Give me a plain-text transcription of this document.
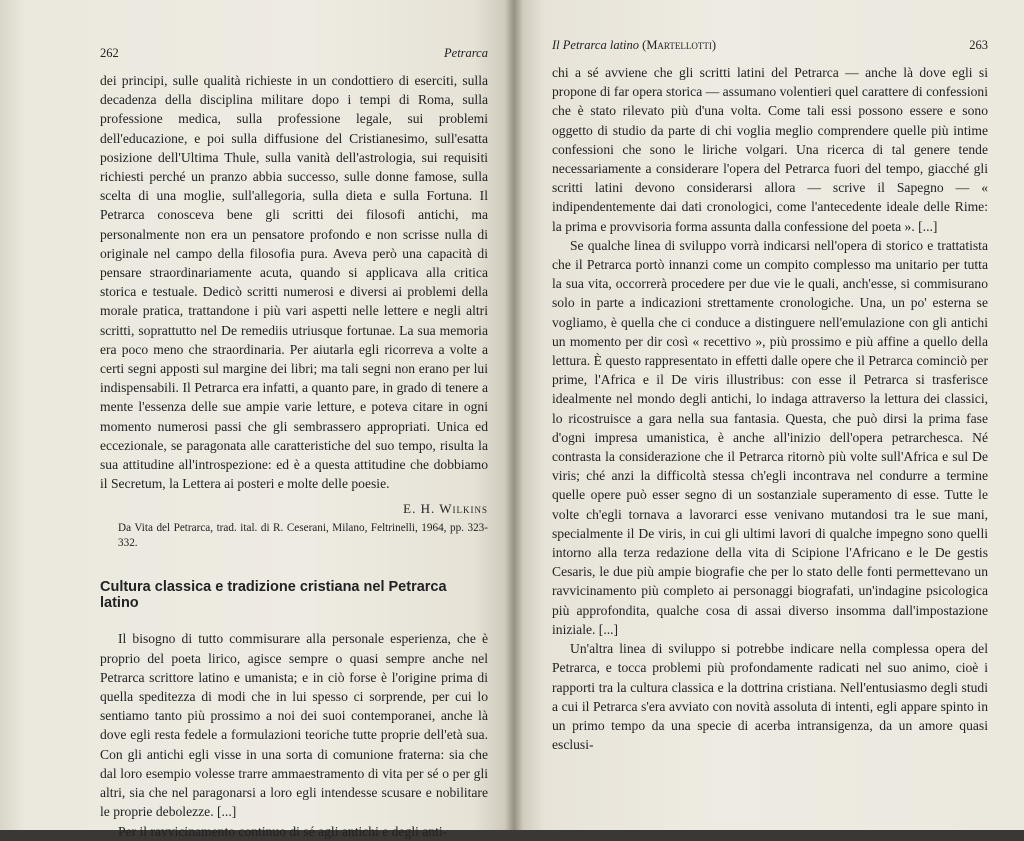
262	Petrarca

dei principi, sulle qualità richieste in un condottiero di eserciti, sulla decadenza della disciplina militare dopo i tempi di Roma, sulla professione medica, sulla professione legale, sui problemi dell'educazione, e poi sulla diffusione del Cristianesimo, sull'esatta posizione dell'Ultima Thule, sulla vanità dell'astrologia, sui requisiti richiesti perché un pranzo abbia successo, sulle donne famose, sulla scelta di una moglie, sull'allegoria, sulla dieta e sulla Fortuna. Il Petrarca conosceva bene gli scritti dei filosofi antichi, ma personalmente non era un pensatore profondo e non scrisse nulla di originale nel campo della filosofia pura. Aveva però una capacità di pensare straordinariamente acuta, quando si applicava alla critica storica e testuale. Dedicò scritti numerosi e diversi ai problemi della morale pratica, trattandone i più vari aspetti nelle lettere e negli altri scritti, soprattutto nel De remediis utriusque fortunae. La sua memoria era poco meno che straordinaria. Per aiutarla egli ricorreva a volte a certi segni apposti sul margine dei libri; ma tali segni non erano per lui indispensabili. Il Petrarca era infatti, a quanto pare, in grado di tenere a mente l'essenza delle sue ampie varie letture, e poteva citare in ogni momento numerosi passi che gli sembrassero appropriati. Unica ed eccezionale, se paragonata alle caratteristiche del suo tempo, risulta la sua attitudine all'introspezione: ed è a questa attitudine che dobbiamo il Secretum, la Lettera ai posteri e molte delle poesie.

E. H. Wilkins
Da Vita del Petrarca, trad. ital. di R. Ceserani, Milano, Feltrinelli, 1964, pp. 323-332.
Cultura classica e tradizione cristiana nel Petrarca latino

Il bisogno di tutto commisurare alla personale esperienza, che è proprio del poeta lirico, agisce sempre o quasi sempre anche nel Petrarca scrittore latino e umanista; e in ciò forse è l'origine prima di quella speditezza di modi che in lui spesso ci sorprende, per cui lo sentiamo tanto più prossimo a noi dei suoi contemporanei, anche là dove egli resta fedele a formulazioni teoriche tutte proprie dell'età sua. Con gli antichi egli visse in una sorta di comunione fraterna: sia che dal loro esempio volesse trarre ammaestramento di vita per sé o per gli altri, sia che nel paragonarsi a loro egli intendesse scusare e nobilitare le proprie debolezze. [...]

Per il ravvicinamento continuo di sé agli antichi e degli anti-

Il Petrarca latino (Martellotti)	263

chi a sé avviene che gli scritti latini del Petrarca — anche là dove egli si propone di far opera storica — assumano volentieri quel carattere di confessioni che è stato rilevato più d'una volta. Come tali essi possono essere e sono oggetto di studio da parte di chi voglia meglio comprendere quelle più intime confessioni che sono le liriche volgari. Una ricerca di tal genere tende necessariamente a considerare l'opera del Petrarca fuori del tempo, giacché gli scritti latini devono considerarsi allora — scrive il Sapegno — « indipendentemente dai dati cronologici, come l'antecedente ideale delle Rime: la prima e provvisoria forma assunta dalla confessione del poeta ». [...]

Se qualche linea di sviluppo vorrà indicarsi nell'opera di storico e trattatista che il Petrarca portò innanzi come un compito complesso ma unitario per tutta la sua vita, occorrerà procedere per due vie le quali, anch'esse, si commisurano solo in parte a indicazioni strettamente cronologiche. Una, un po' esterna se vogliamo, è quella che ci conduce a distinguere nell'emulazione con gli antichi un momento per dir così « recettivo », più prossimo e più affine a quello della lettura. È questo rappresentato in effetti dalle opere che il Petrarca cominciò per prime, l'Africa e il De viris illustribus: con esse il Petrarca si trasferisce idealmente nel mondo degli antichi, lo indaga attraverso la lettura dei classici, lo ricostruisce a gara nella sua fantasia. Questa, che può dirsi la prima fase d'ogni impresa umanistica, è anche all'inizio dell'opera petrarchesca. Né contrasta la considerazione che il Petrarca ritornò più volte sull'Africa e sul De viris; ché anzi la difficoltà stessa ch'egli incontrava nel condurre a termine quelle opere può esser segno di un sostanziale superamento di esse. Tutte le volte ch'egli tornava a lavorarci esse venivano mutandosi tra le sue mani, specialmente il De viris, in cui gli ultimi lavori di qualche impegno sono quelli intorno alla terza redazione della vita di Scipione l'Africano e le De gestis Cesaris, le due più ampie biografie che per lo stato delle fonti permettevano un ravvicinamento più completo ai personaggi biografati, un'indagine psicologica più approfondita, qualche cosa di assai diverso insomma dall'impostazione iniziale. [...]

Un'altra linea di sviluppo si potrebbe indicare nella complessa opera del Petrarca, e tocca problemi più profondamente radicati nel suo animo, cioè i rapporti tra la cultura classica e la dottrina cristiana. Nell'entusiasmo degli studi a cui il Petrarca s'era avviato con novità assoluta di intenti, egli appare spinto in un primo tempo da una specie di acerba intransigenza, da un amore quasi esclusi-
